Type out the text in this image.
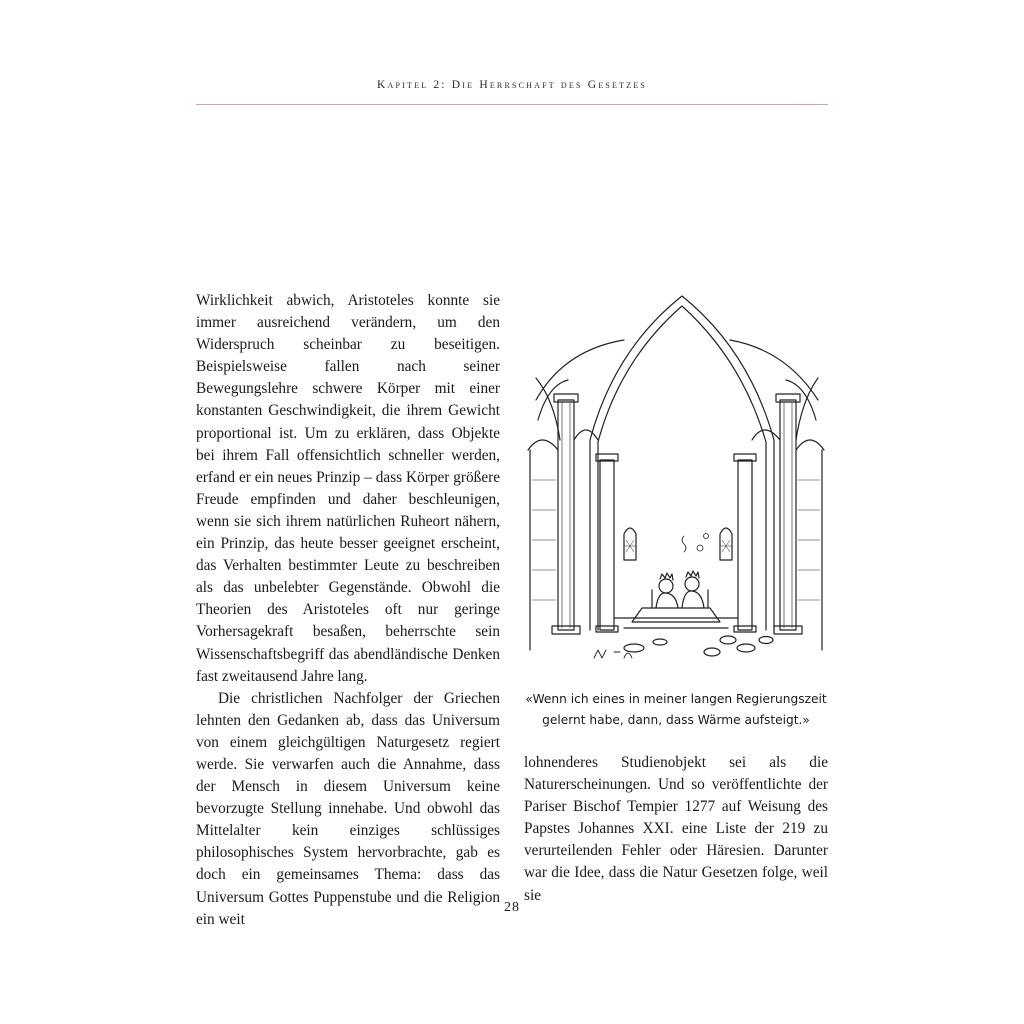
Kapitel 2: Die Herrschaft des Gesetzes

Wirklichkeit abwich, Aristoteles konnte sie immer ausreichend verändern, um den Widerspruch scheinbar zu beseitigen. Beispielsweise fallen nach seiner Bewegungslehre schwere Körper mit einer konstanten Geschwindigkeit, die ihrem Gewicht proportional ist. Um zu erklären, dass Objekte bei ihrem Fall offensichtlich schneller werden, erfand er ein neues Prinzip – dass Körper größere Freude empfinden und daher beschleunigen, wenn sie sich ihrem natürlichen Ruheort nähern, ein Prinzip, das heute besser geeignet erscheint, das Verhalten bestimmter Leute zu beschreiben als das unbelebter Gegenstände. Obwohl die Theorien des Aristoteles oft nur geringe Vorhersagekraft besaßen, beherrschte sein Wissenschaftsbegriff das abendländische Denken fast zweitausend Jahre lang.

Die christlichen Nachfolger der Griechen lehnten den Gedanken ab, dass das Universum von einem gleichgültigen Naturgesetz regiert werde. Sie verwarfen auch die Annahme, dass der Mensch in diesem Universum keine bevorzugte Stellung innehabe. Und obwohl das Mittelalter kein einziges schlüssiges philosophisches System hervorbrachte, gab es doch ein gemeinsames Thema: dass das Universum Gottes Puppenstube und die Religion ein weit

«Wenn ich eines in meiner langen Regierungszeit gelernt habe, dann, dass Wärme aufsteigt.»

lohnenderes Studienobjekt sei als die Naturerscheinungen. Und so veröffentlichte der Pariser Bischof Tempier 1277 auf Weisung des Papstes Johannes XXI. eine Liste der 219 zu verurteilenden Fehler oder Häresien. Darunter war die Idee, dass die Natur Gesetzen folge, weil sie

28
